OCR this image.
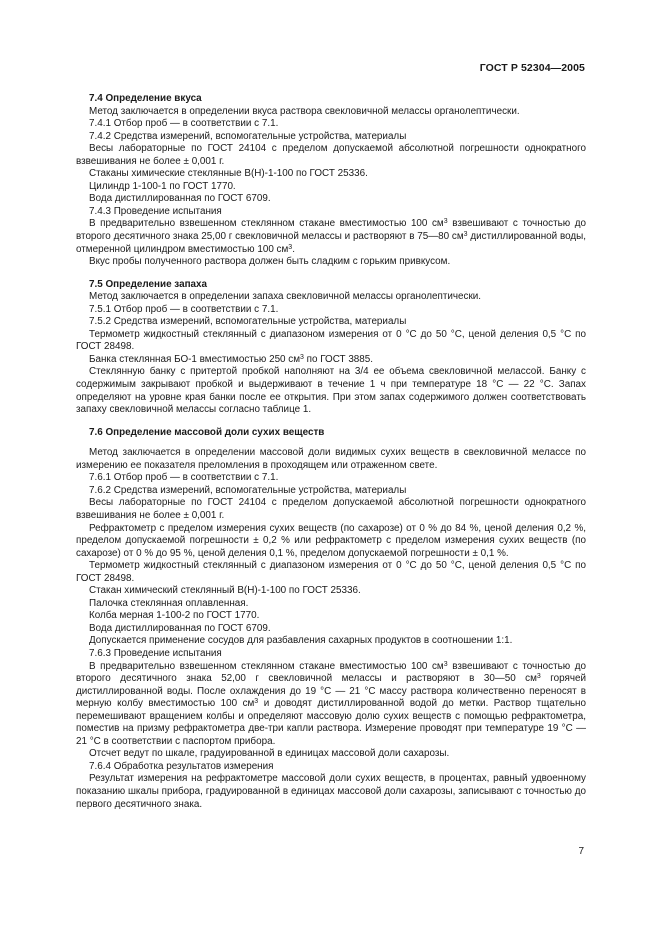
ГОСТ Р 52304—2005

7.4 Определение вкуса

Метод заключается в определении вкуса раствора свекловичной мелассы органолептически.

7.4.1 Отбор проб — в соответствии с 7.1.

7.4.2 Средства измерений, вспомогательные устройства, материалы

Весы лабораторные по ГОСТ 24104 с пределом допускаемой абсолютной погрешности однократного взвешивания не более ± 0,001 г.

Стаканы химические стеклянные В(Н)-1-100 по ГОСТ 25336.

Цилиндр 1-100-1 по ГОСТ 1770.

Вода дистиллированная по ГОСТ 6709.

7.4.3 Проведение испытания

В предварительно взвешенном стеклянном стакане вместимостью 100 $см^3$ взвешивают с точностью до второго десятичного знака 25,00 г свекловичной мелассы и растворяют в 75—80 $см^3$ дистиллированной воды, отмеренной цилиндром вместимостью 100 $см^3$.

Вкус пробы полученного раствора должен быть сладким с горьким привкусом.

7.5 Определение запаха

Метод заключается в определении запаха свекловичной мелассы органолептически.

7.5.1 Отбор проб — в соответствии с 7.1.

7.5.2 Средства измерений, вспомогательные устройства, материалы

Термометр жидкостный стеклянный с диапазоном измерения от 0 °С до 50 °С, ценой деления 0,5 °С по ГОСТ 28498.

Банка стеклянная БО-1 вместимостью 250 $см^3$ по ГОСТ 3885.

Стеклянную банку с притертой пробкой наполняют на 3/4 ее объема свекловичной мелассой. Банку с содержимым закрывают пробкой и выдерживают в течение 1 ч при температуре 18 °С — 22 °С. Запах определяют на уровне края банки после ее открытия. При этом запах содержимого должен соответствовать запаху свекловичной мелассы согласно таблице 1.

7.6 Определение массовой доли сухих веществ

Метод заключается в определении массовой доли видимых сухих веществ в свекловичной мелассе по измерению ее показателя преломления в проходящем или отраженном свете.

7.6.1 Отбор проб — в соответствии с 7.1.

7.6.2 Средства измерений, вспомогательные устройства, материалы

Весы лабораторные по ГОСТ 24104 с пределом допускаемой абсолютной погрешности однократного взвешивания не более ± 0,001 г.

Рефрактометр с пределом измерения сухих веществ (по сахарозе) от 0 % до 84 %, ценой деления 0,2 %, пределом допускаемой погрешности ± 0,2 % или рефрактометр с пределом измерения сухих веществ (по сахарозе) от 0 % до 95 %, ценой деления 0,1 %, пределом допускаемой погрешности ± 0,1 %.

Термометр жидкостный стеклянный с диапазоном измерения от 0 °С до 50 °С, ценой деления 0,5 °С по ГОСТ 28498.

Стакан химический стеклянный В(Н)-1-100 по ГОСТ 25336.

Палочка стеклянная оплавленная.

Колба мерная 1-100-2 по ГОСТ 1770.

Вода дистиллированная по ГОСТ 6709.

Допускается применение сосудов для разбавления сахарных продуктов в соотношении 1:1.

7.6.3 Проведение испытания

В предварительно взвешенном стеклянном стакане вместимостью 100 $см^3$ взвешивают с точностью до второго десятичного знака 52,00 г свекловичной мелассы и растворяют в 30—50 $см^3$ горячей дистиллированной воды. После охлаждения до 19 °С — 21 °С массу раствора количественно переносят в мерную колбу вместимостью 100 $см^3$ и доводят дистиллированной водой до метки. Раствор тщательно перемешивают вращением колбы и определяют массовую долю сухих веществ с помощью рефрактометра, поместив на призму рефрактометра две-три капли раствора. Измерение проводят при температуре 19 °С — 21 °С в соответствии с паспортом прибора.

Отсчет ведут по шкале, градуированной в единицах массовой доли сахарозы.

7.6.4 Обработка результатов измерения

Результат измерения на рефрактометре массовой доли сухих веществ, в процентах, равный удвоенному показанию шкалы прибора, градуированной в единицах массовой доли сахарозы, записывают с точностью до первого десятичного знака.

7
